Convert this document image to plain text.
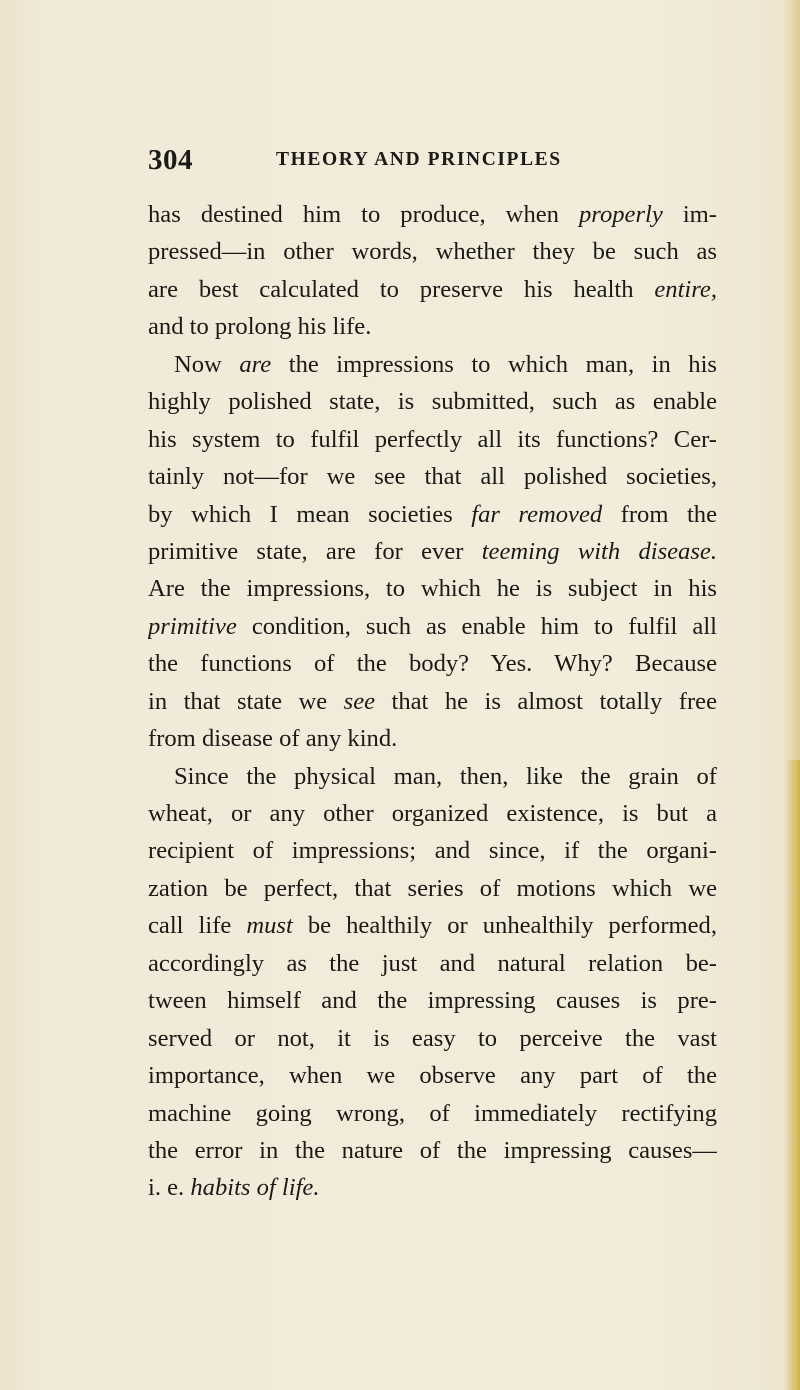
304	THEORY AND PRINCIPLES
has destined him to produce, when properly im-
pressed—in other words, whether they be such as
are best calculated to preserve his health entire,
and to prolong his life.
Now are the impressions to which man, in his
highly polished state, is submitted, such as enable
his system to fulfil perfectly all its functions? Cer-
tainly not—for we see that all polished societies,
by which I mean societies far removed from the
primitive state, are for ever teeming with disease.
Are the impressions, to which he is subject in his
primitive condition, such as enable him to fulfil all
the functions of the body? Yes. Why? Because
in that state we see that he is almost totally free
from disease of any kind.
Since the physical man, then, like the grain of
wheat, or any other organized existence, is but a
recipient of impressions; and since, if the organi-
zation be perfect, that series of motions which we
call life must be healthily or unhealthily performed,
accordingly as the just and natural relation be-
tween himself and the impressing causes is pre-
served or not, it is easy to perceive the vast
importance, when we observe any part of the
machine going wrong, of immediately rectifying
the error in the nature of the impressing causes—
i. e. habits of life.
